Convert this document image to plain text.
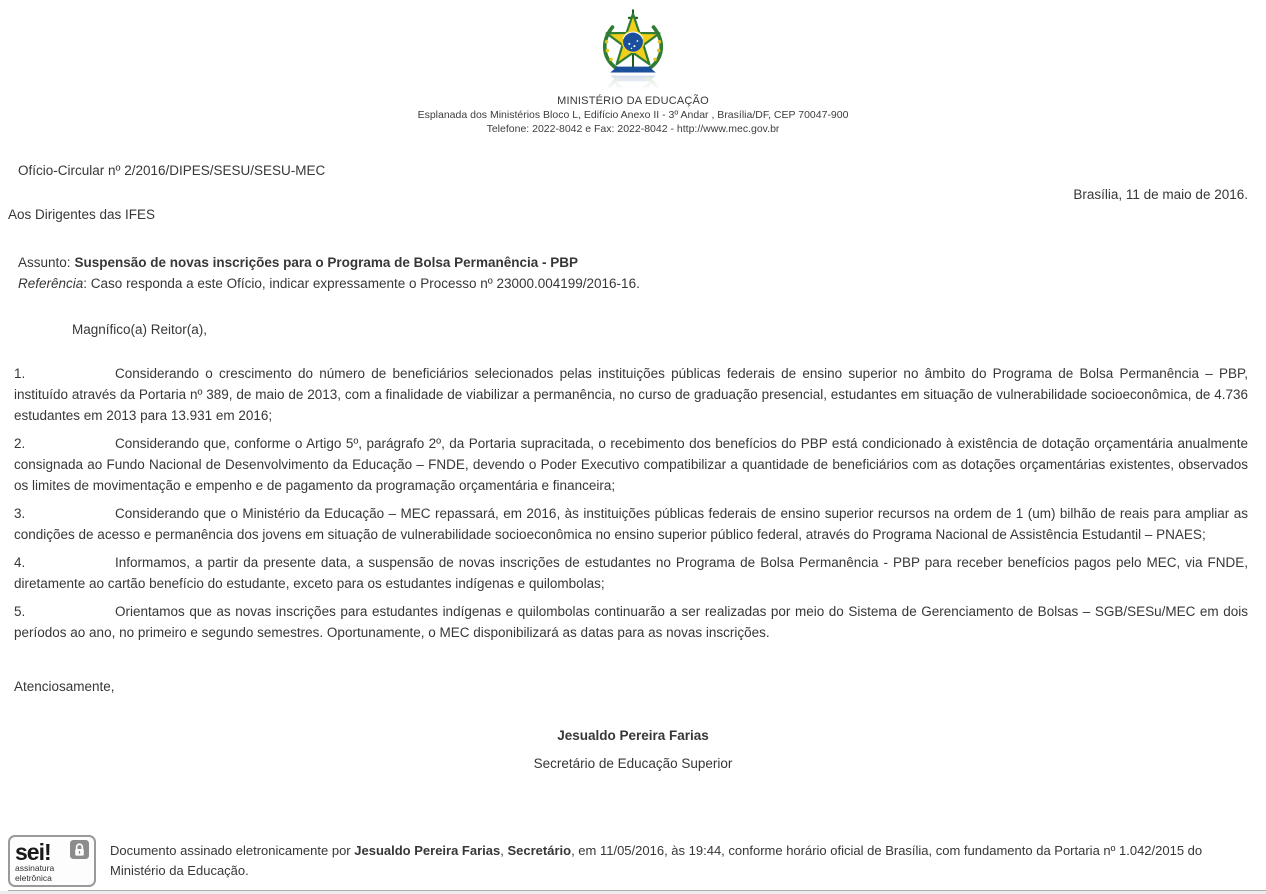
MINISTÉRIO DA EDUCAÇÃO
Esplanada dos Ministérios Bloco L, Edifício Anexo II - 3º Andar , Brasília/DF, CEP 70047-900
Telefone: 2022-8042 e Fax: 2022-8042 - http://www.mec.gov.br
Ofício-Circular nº 2/2016/DIPES/SESU/SESU-MEC
Brasília, 11 de maio de 2016.
Aos Dirigentes das IFES
Assunto: Suspensão de novas inscrições para o Programa de Bolsa Permanência - PBP
Referência: Caso responda a este Ofício, indicar expressamente o Processo nº 23000.004199/2016-16.
Magnífico(a) Reitor(a),

1.	Considerando o crescimento do número de beneficiários selecionados pelas instituições públicas federais de ensino superior no âmbito do Programa de Bolsa Permanência – PBP, instituído através da Portaria nº 389, de maio de 2013, com a finalidade de viabilizar a permanência, no curso de graduação presencial, estudantes em situação de vulnerabilidade socioeconômica, de 4.736 estudantes em 2013 para 13.931 em 2016;

2.	Considerando que, conforme o Artigo 5º, parágrafo 2º, da Portaria supracitada, o recebimento dos benefícios do PBP está condicionado à existência de dotação orçamentária anualmente consignada ao Fundo Nacional de Desenvolvimento da Educação – FNDE, devendo o Poder Executivo compatibilizar a quantidade de beneficiários com as dotações orçamentárias existentes, observados os limites de movimentação e empenho e de pagamento da programação orçamentária e financeira;

3.	Considerando que o Ministério da Educação – MEC repassará, em 2016, às instituições públicas federais de ensino superior recursos na ordem de 1 (um) bilhão de reais para ampliar as condições de acesso e permanência dos jovens em situação de vulnerabilidade socioeconômica no ensino superior público federal, através do Programa Nacional de Assistência Estudantil – PNAES;

4.	Informamos, a partir da presente data, a suspensão de novas inscrições de estudantes no Programa de Bolsa Permanência - PBP para receber benefícios pagos pelo MEC, via FNDE, diretamente ao cartão benefício do estudante, exceto para os estudantes indígenas e quilombolas;

5.	Orientamos que as novas inscrições para estudantes indígenas e quilombolas continuarão a ser realizadas por meio do Sistema de Gerenciamento de Bolsas – SGB/SESu/MEC em dois períodos ao ano, no primeiro e segundo semestres. Oportunamente, o MEC disponibilizará as datas para as novas inscrições.

Atenciosamente,
Jesualdo Pereira Farias
Secretário de Educação Superior
sei!
assinatura
eletrônica
Documento assinado eletronicamente por Jesualdo Pereira Farias, Secretário, em 11/05/2016, às 19:44, conforme horário oficial de Brasília, com fundamento da Portaria nº 1.042/2015 do Ministério da Educação.
